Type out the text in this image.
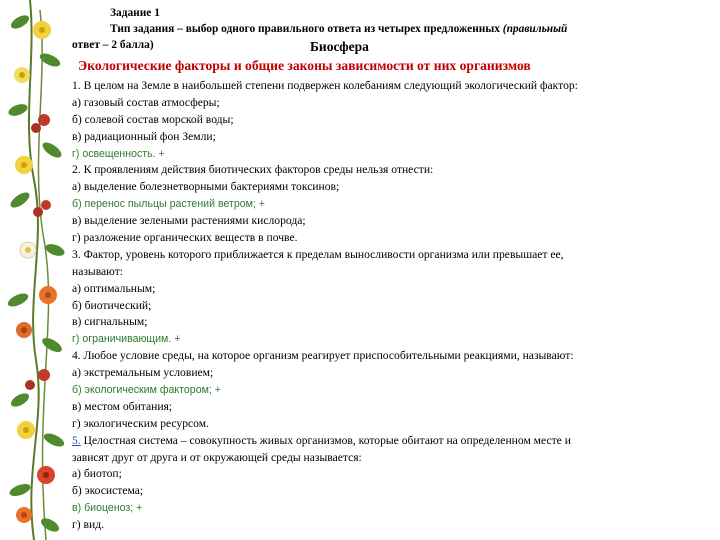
Задание 1
Тип задания – выбор одного правильного ответа из четырех предложенных (правильный
ответ – 2 балла)	Биосфера
Экологические факторы и общие законы зависимости от них организмов
1. В целом на Земле в наибольшей степени подвержен колебаниям следующий экологический фактор:
а) газовый состав атмосферы;
б) солевой состав морской воды;
в) радиационный фон Земли;
г) освещенность. +
2. К проявлениям действия биотических факторов среды нельзя отнести:
а) выделение болезнетворными бактериями токсинов;
б) перенос пыльцы растений ветром; +
в) выделение зелеными растениями кислорода;
г) разложение органических веществ в почве.
3. Фактор, уровень которого приближается к пределам выносливости организма или превышает ее,
называют:
а) оптимальным;
б) биотический;
в) сигнальным;
г) ограничивающим. +
4. Любое условие среды, на которое организм реагирует приспособительными реакциями, называют:
а) экстремальным условием;
б) экологическим фактором; +
в) местом обитания;
г) экологическим ресурсом.
5. Целостная система – совокупность живых организмов, которые обитают на определенном месте и
зависят друг от друга и от окружающей среды называется:
а) биотоп;
б) экосистема;
в) биоценоз; +
г) вид.
